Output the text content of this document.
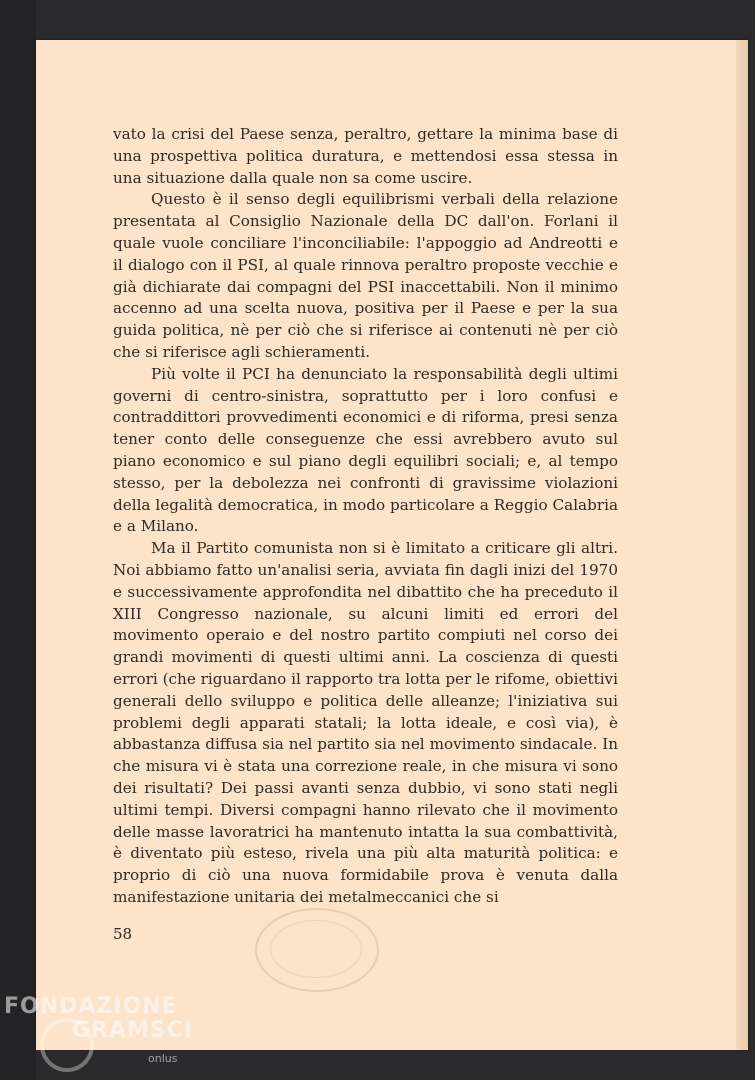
vato la crisi del Paese senza, peraltro, gettare la minima base di una prospettiva politica duratura, e mettendosi essa stessa in una situazione dalla quale non sa come uscire.

Questo è il senso degli equilibrismi verbali della relazione presentata al Consiglio Nazionale della DC dall'on. Forlani il quale vuole conciliare l'inconciliabile: l'appoggio ad Andreotti e il dialogo con il PSI, al quale rinnova peraltro proposte vecchie e già dichiarate dai compagni del PSI inaccettabili. Non il minimo accenno ad una scelta nuova, positiva per il Paese e per la sua guida politica, nè per ciò che si riferisce ai contenuti nè per ciò che si riferisce agli schieramenti.

Più volte il PCI ha denunciato la responsabilità degli ultimi governi di centro-sinistra, soprattutto per i loro confusi e contraddittori provvedimenti economici e di riforma, presi senza tener conto delle conseguenze che essi avrebbero avuto sul piano economico e sul piano degli equilibri sociali; e, al tempo stesso, per la debolezza nei confronti di gravissime violazioni della legalità democratica, in modo particolare a Reggio Calabria e a Milano.

Ma il Partito comunista non si è limitato a criticare gli altri. Noi abbiamo fatto un'analisi seria, avviata fin dagli inizi del 1970 e successivamente approfondita nel dibattito che ha preceduto il XIII Congresso nazionale, su alcuni limiti ed errori del movimento operaio e del nostro partito compiuti nel corso dei grandi movimenti di questi ultimi anni. La coscienza di questi errori (che riguardano il rapporto tra lotta per le rifome, obiettivi generali dello sviluppo e politica delle alleanze; l'iniziativa sui problemi degli apparati statali; la lotta ideale, e così via), è abbastanza diffusa sia nel partito sia nel movimento sindacale. In che misura vi è stata una correzione reale, in che misura vi sono dei risultati? Dei passi avanti senza dubbio, vi sono stati negli ultimi tempi. Diversi compagni hanno rilevato che il movimento delle masse lavoratrici ha mantenuto intatta la sua combattività, è diventato più esteso, rivela una più alta maturità politica: e proprio di ciò una nuova formidabile prova è venuta dalla manifestazione unitaria dei metalmeccanici che si

58
FONDAZIONE
GRAMSCI
onlus
